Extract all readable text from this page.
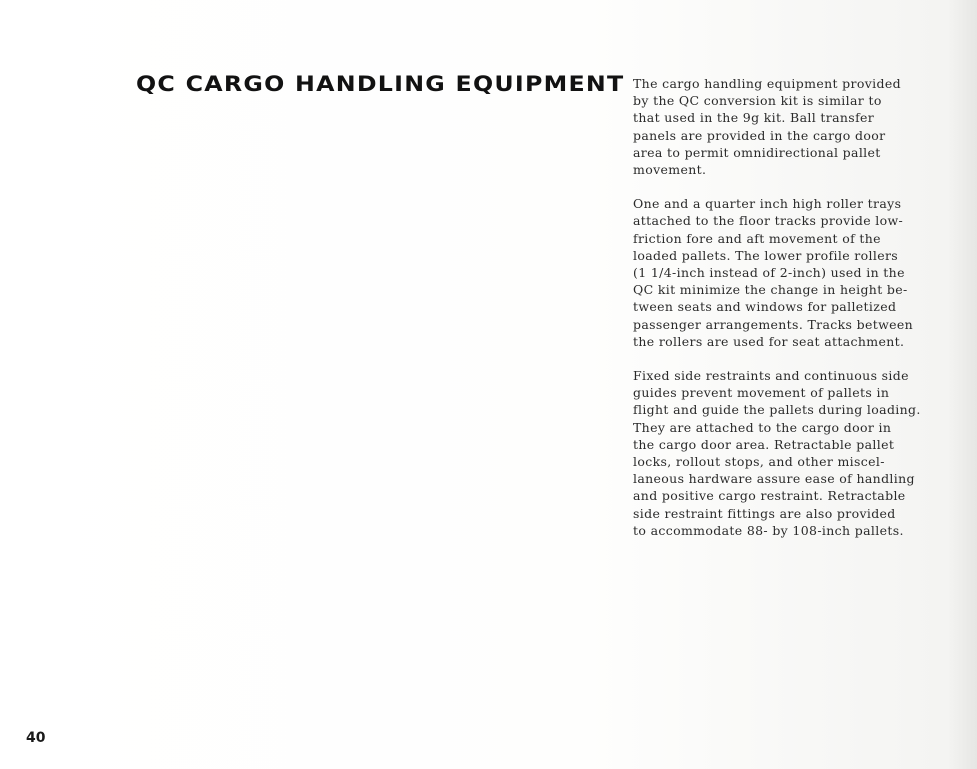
QC CARGO HANDLING EQUIPMENT The cargo handling equipment provided
by the QC conversion kit is similar to
that used in the 9g kit. Ball transfer
panels are provided in the cargo door
area to permit omnidirectional pallet
movement.

One and a quarter inch high roller trays
attached to the floor tracks provide low-
friction fore and aft movement of the
loaded pallets. The lower profile rollers
(1 1/4-inch instead of 2-inch) used in the
QC kit minimize the change in height be-
tween seats and windows for palletized
passenger arrangements. Tracks between
the rollers are used for seat attachment.

Fixed side restraints and continuous side
guides prevent movement of pallets in
flight and guide the pallets during loading.
They are attached to the cargo door in
the cargo door area. Retractable pallet
locks, rollout stops, and other miscel-
laneous hardware assure ease of handling
and positive cargo restraint. Retractable
side restraint fittings are also provided
to accommodate 88- by 108-inch pallets.

40
